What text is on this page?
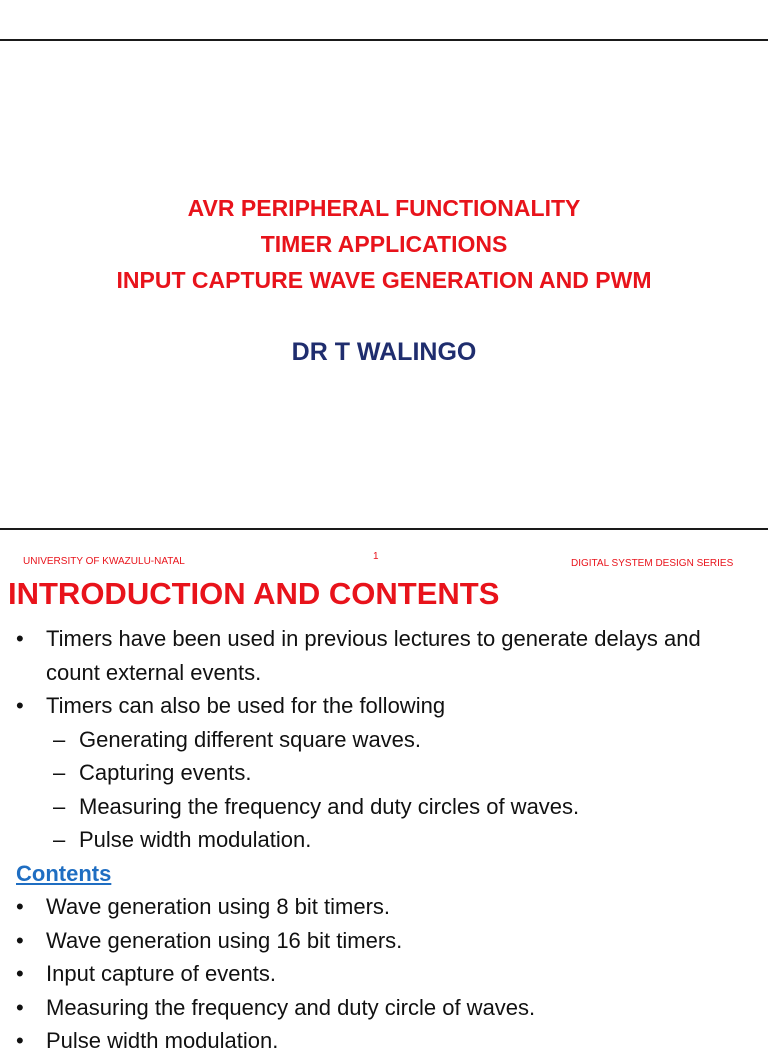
AVR PERIPHERAL FUNCTIONALITY
TIMER APPLICATIONS
INPUT CAPTURE WAVE GENERATION AND PWM
DR T WALINGO
UNIVERSITY OF KWAZULU-NATAL	1
DIGITAL SYSTEM DESIGN SERIES
INTRODUCTION AND CONTENTS
•	Timers have been used in previous lectures to generate delays and count external events.
•	Timers can also be used for the following
– Generating different square waves.
– Capturing events.
– Measuring the frequency and duty circles of waves.
– Pulse width modulation.
Contents
•	Wave generation using 8 bit timers.
•	Wave generation using 16 bit timers.
•	Input capture of events.
•	Measuring the frequency and duty circle of waves.
•	Pulse width modulation.
